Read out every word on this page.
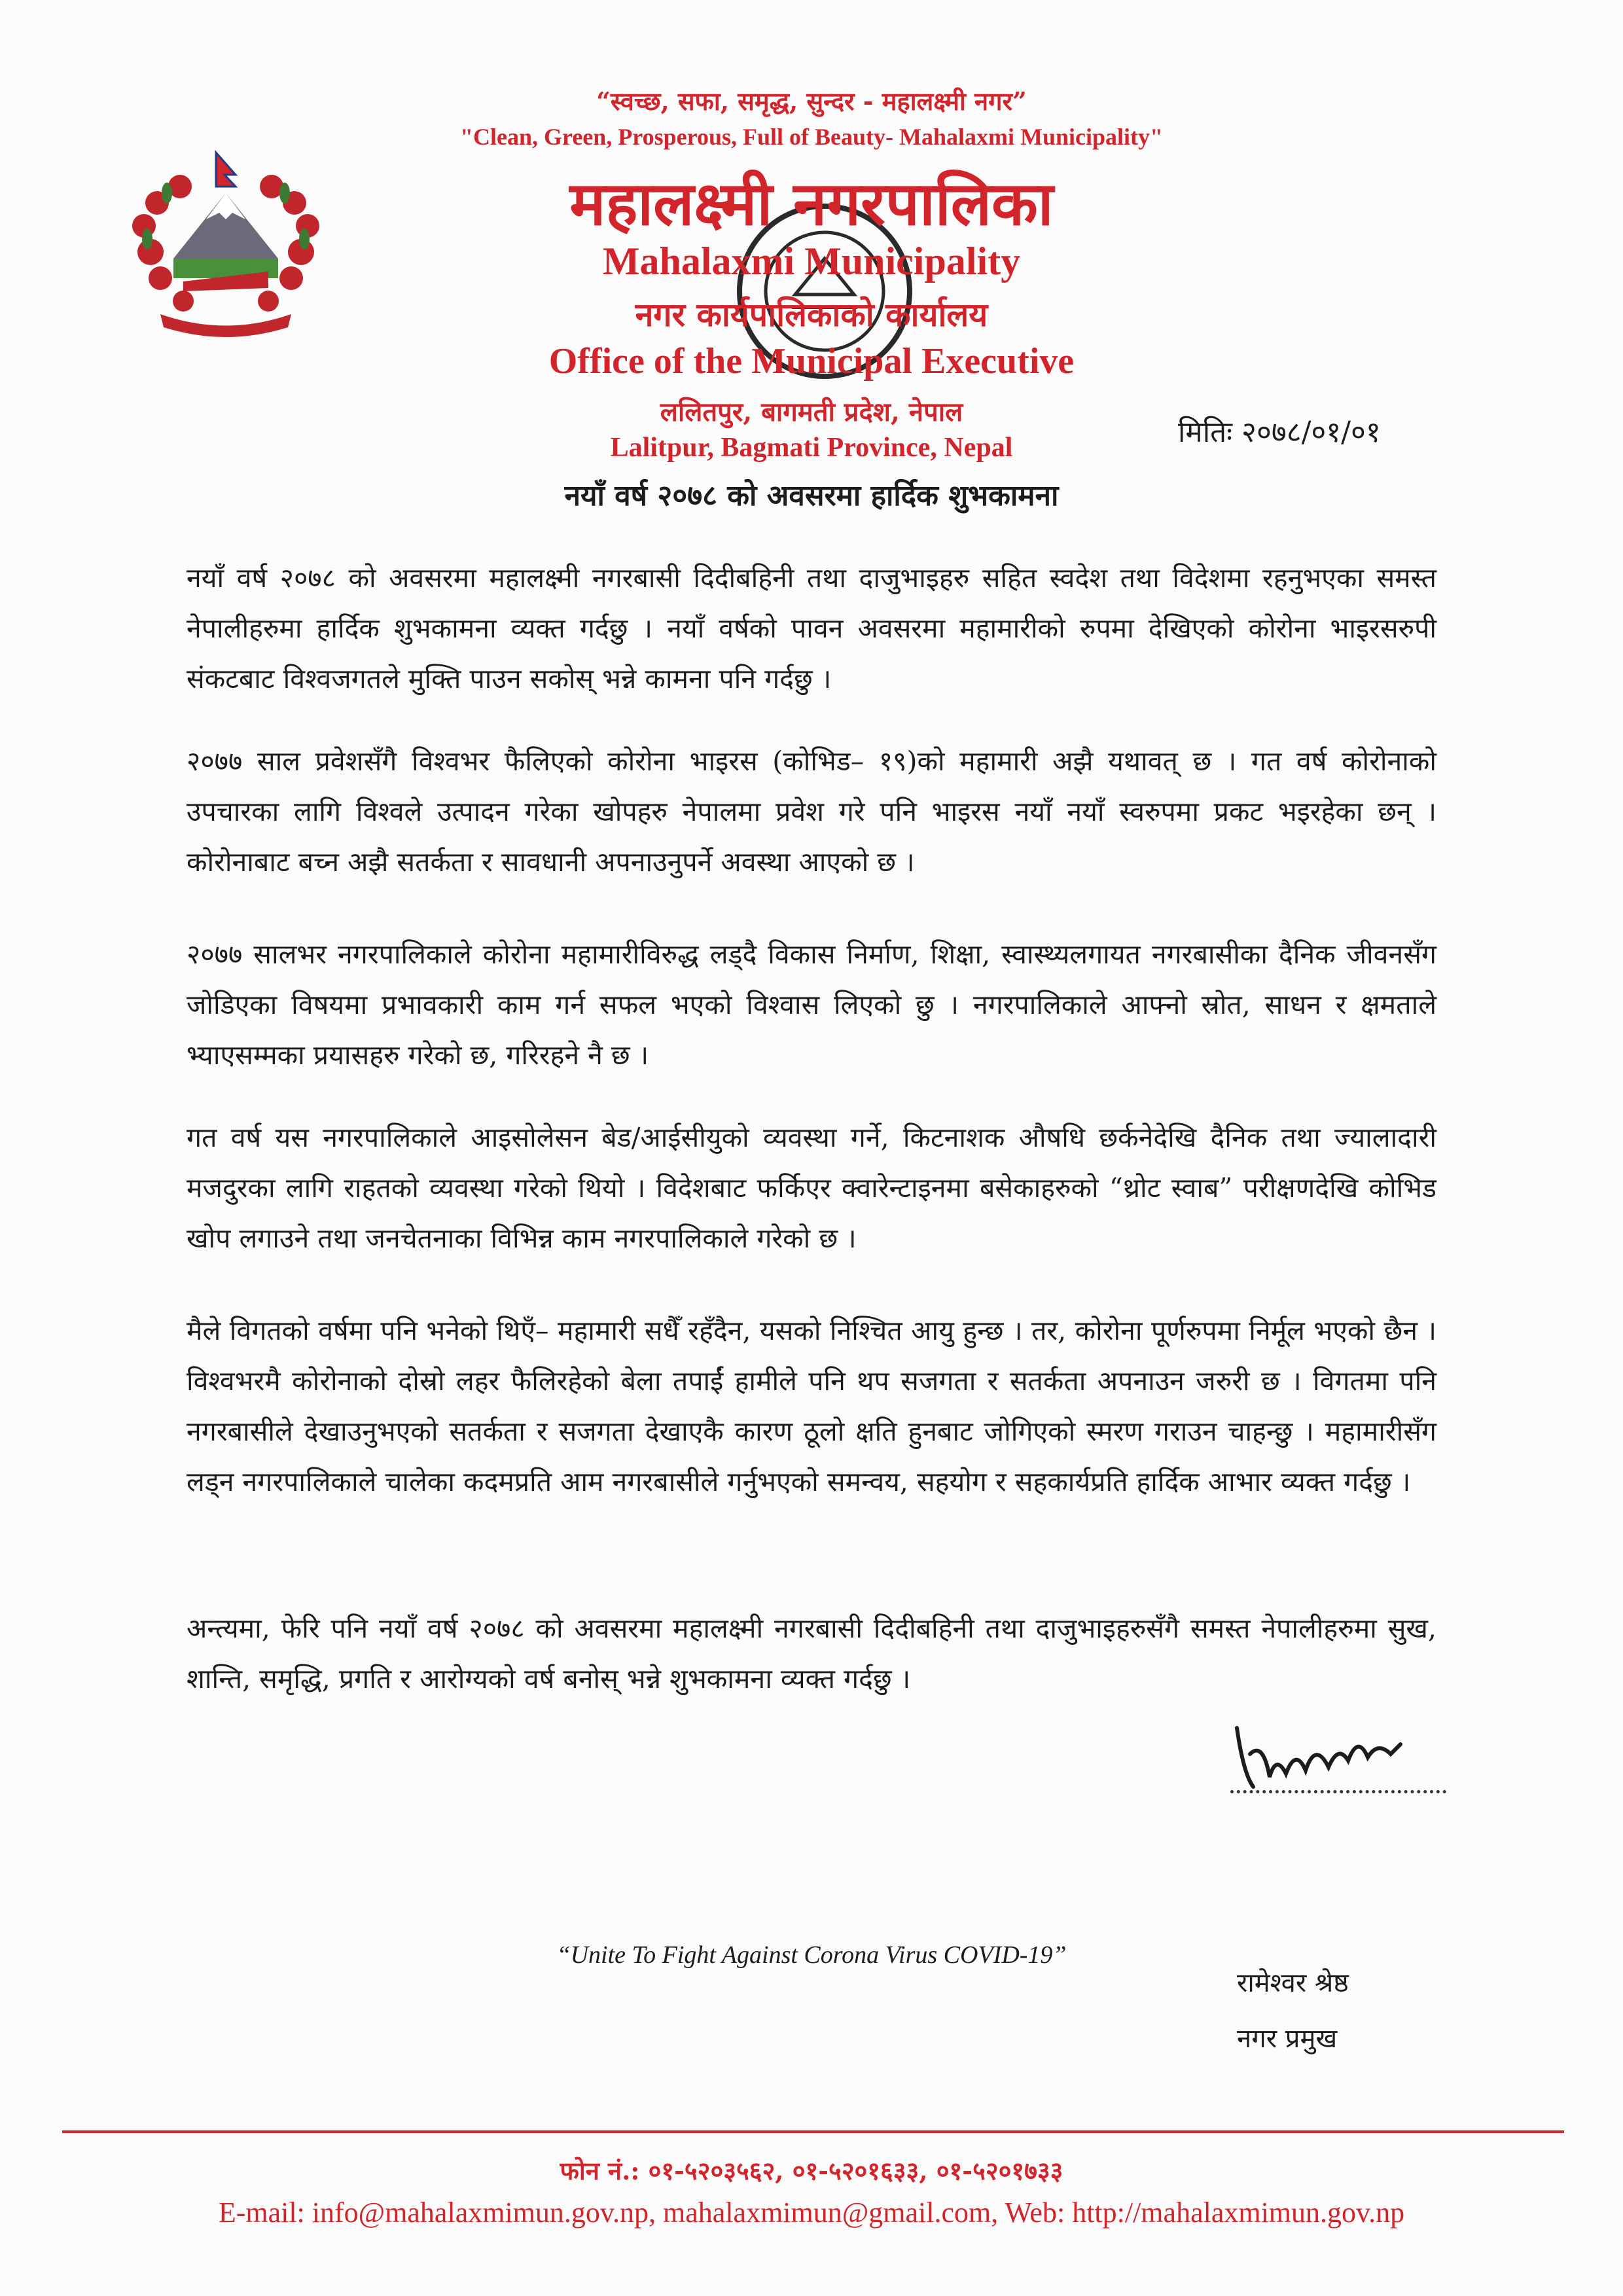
“स्वच्छ, सफा, समृद्ध, सुन्दर - महालक्ष्मी नगर”
"Clean, Green, Prosperous, Full of Beauty- Mahalaxmi Municipality"
महालक्ष्मी नगरपालिका
Mahalaxmi Municipality
नगर कार्यपालिकाको कार्यालय
Office of the Municipal Executive
ललितपुर, बागमती प्रदेश, नेपाल
Lalitpur, Bagmati Province, Nepal	मितिः २०७८/०१/०१
नयाँ वर्ष २०७८ को अवसरमा हार्दिक शुभकामना
नयाँ वर्ष २०७८ को अवसरमा महालक्ष्मी नगरबासी दिदीबहिनी तथा दाजुभाइहरु सहित स्वदेश तथा विदेशमा रहनुभएका समस्त नेपालीहरुमा हार्दिक शुभकामना व्यक्त गर्दछु । नयाँ वर्षको पावन अवसरमा महामारीको रुपमा देखिएको कोरोना भाइरसरुपी संकटबाट विश्वजगतले मुक्ति पाउन सकोस् भन्ने कामना पनि गर्दछु ।
२०७७ साल प्रवेशसँगै विश्वभर फैलिएको कोरोना भाइरस (कोभिड– १९)को महामारी अझै यथावत् छ । गत वर्ष कोरोनाको उपचारका लागि विश्वले उत्पादन गरेका खोपहरु नेपालमा प्रवेश गरे पनि भाइरस नयाँ नयाँ स्वरुपमा प्रकट भइरहेका छन् । कोरोनाबाट बच्न अझै सतर्कता र सावधानी अपनाउनुपर्ने अवस्था आएको छ ।
२०७७ सालभर नगरपालिकाले कोरोना महामारीविरुद्ध लड्दै विकास निर्माण, शिक्षा, स्वास्थ्यलगायत नगरबासीका दैनिक जीवनसँग जोडिएका विषयमा प्रभावकारी काम गर्न सफल भएको विश्वास लिएको छु । नगरपालिकाले आफ्नो स्रोत, साधन र क्षमताले भ्याएसम्मका प्रयासहरु गरेको छ, गरिरहने नै छ ।
गत वर्ष यस नगरपालिकाले आइसोलेसन बेड/आईसीयुको व्यवस्था गर्ने, किटनाशक औषधि छर्कनेदेखि दैनिक तथा ज्यालादारी मजदुरका लागि राहतको व्यवस्था गरेको थियो । विदेशबाट फर्किएर क्वारेन्टाइनमा बसेकाहरुको “थ्रोट स्वाब” परीक्षणदेखि कोभिड खोप लगाउने तथा जनचेतनाका विभिन्न काम नगरपालिकाले गरेको छ ।
मैले विगतको वर्षमा पनि भनेको थिएँ– महामारी सधैँ रहँदैन, यसको निश्चित आयु हुन्छ । तर, कोरोना पूर्णरुपमा निर्मूल भएको छैन । विश्वभरमै कोरोनाको दोस्रो लहर फैलिरहेको बेला तपाईं हामीले पनि थप सजगता र सतर्कता अपनाउन जरुरी छ । विगतमा पनि नगरबासीले देखाउनुभएको सतर्कता र सजगता देखाएकै कारण ठूलो क्षति हुनबाट जोगिएको स्मरण गराउन चाहन्छु । महामारीसँग लड्न नगरपालिकाले चालेका कदमप्रति आम नगरबासीले गर्नुभएको समन्वय, सहयोग र सहकार्यप्रति हार्दिक आभार व्यक्त गर्दछु ।
अन्त्यमा, फेरि पनि नयाँ वर्ष २०७८ को अवसरमा महालक्ष्मी नगरबासी दिदीबहिनी तथा दाजुभाइहरुसँगै समस्त नेपालीहरुमा सुख, शान्ति, समृद्धि, प्रगति र आरोग्यको वर्ष बनोस् भन्ने शुभकामना व्यक्त गर्दछु ।
रामेश्वर श्रेष्ठ
नगर प्रमुख
“Unite To Fight Against Corona Virus COVID-19”
फोन नं.: ०१-५२०३५६२, ०१-५२०१६३३, ०१-५२०१७३३
E-mail: info@mahalaxmimun.gov.np, mahalaxmimun@gmail.com, Web: http://mahalaxmimun.gov.np
